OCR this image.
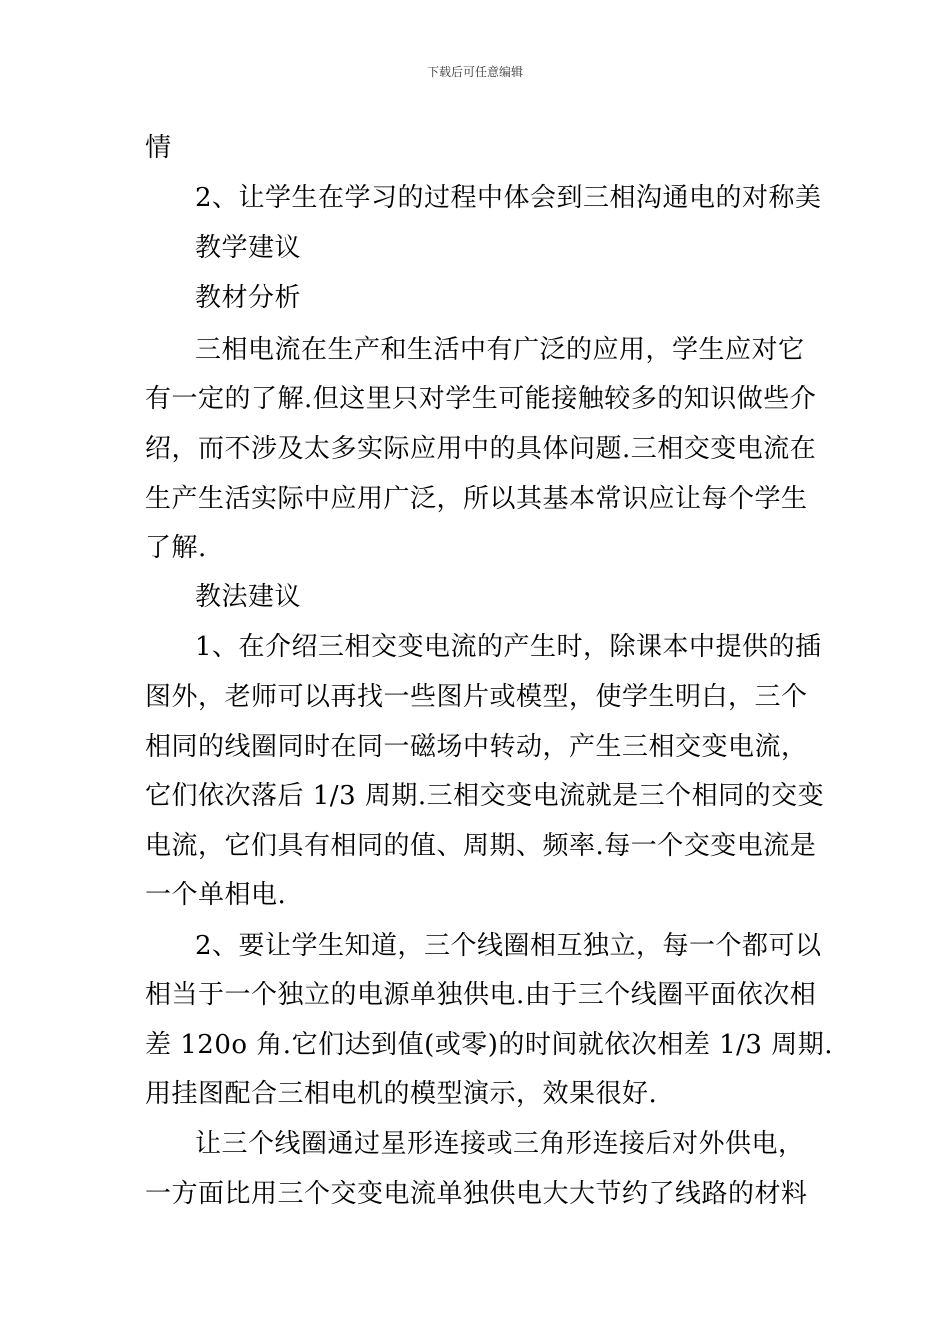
下载后可任意编辑
情
2、让学生在学习的过程中体会到三相沟通电的对称美
教学建议
教材分析
三相电流在生产和生活中有广泛的应用，学生应对它
有一定的了解.但这里只对学生可能接触较多的知识做些介
绍，而不涉及太多实际应用中的具体问题.三相交变电流在
生产生活实际中应用广泛，所以其基本常识应让每个学生
了解.
教法建议
1、在介绍三相交变电流的产生时，除课本中提供的插
图外，老师可以再找一些图片或模型，使学生明白，三个
相同的线圈同时在同一磁场中转动，产生三相交变电流，
它们依次落后 1/3 周期.三相交变电流就是三个相同的交变
电流，它们具有相同的值、周期、频率.每一个交变电流是
一个单相电.
2、要让学生知道，三个线圈相互独立，每一个都可以
相当于一个独立的电源单独供电.由于三个线圈平面依次相
差 120o 角.它们达到值(或零)的时间就依次相差 1/3 周期.
用挂图配合三相电机的模型演示，效果很好.
让三个线圈通过星形连接或三角形连接后对外供电，
一方面比用三个交变电流单独供电大大节约了线路的材料
